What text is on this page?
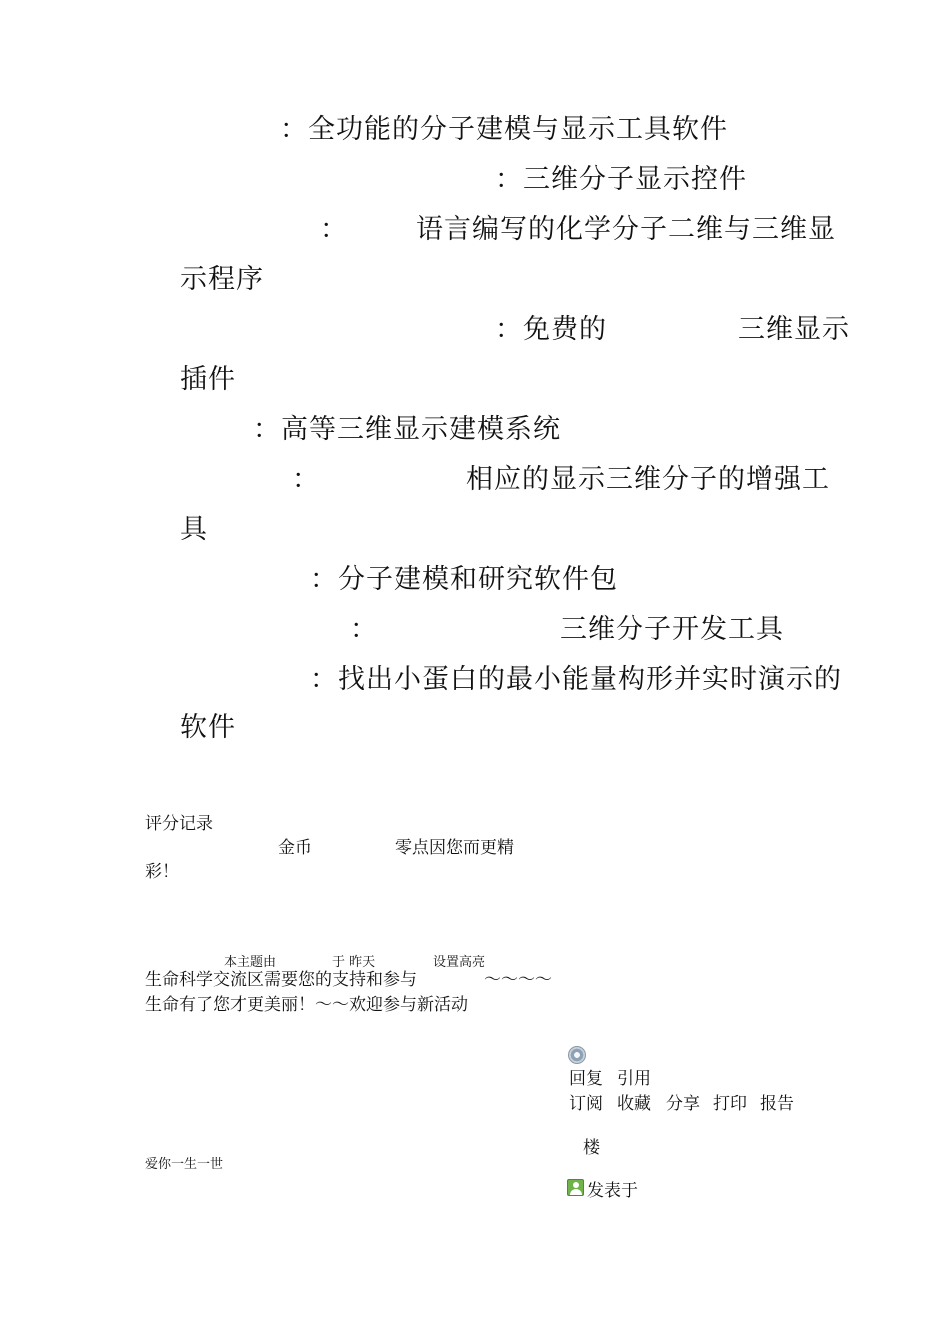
：全功能的分子建模与显示工具软件
：三维分子显示控件
：	语言编写的化学分子二维与三维显
示程序
：免费的	三维显示
插件
：高等三维显示建模系统
：	相应的显示三维分子的增强工
具
：分子建模和研究软件包
：	三维分子开发工具
：找出小蛋白的最小能量构形并实时演示的
软件
评分记录
金币	零点因您而更精
彩！
本主题由	于 昨天	设置高亮
生命科学交流区需要您的支持和参与	～～～～
生命有了您才更美丽！～～欢迎参与新活动
回复 引用
订阅 收藏 分享 打印 报告
楼
发表于
爱你一生一世
